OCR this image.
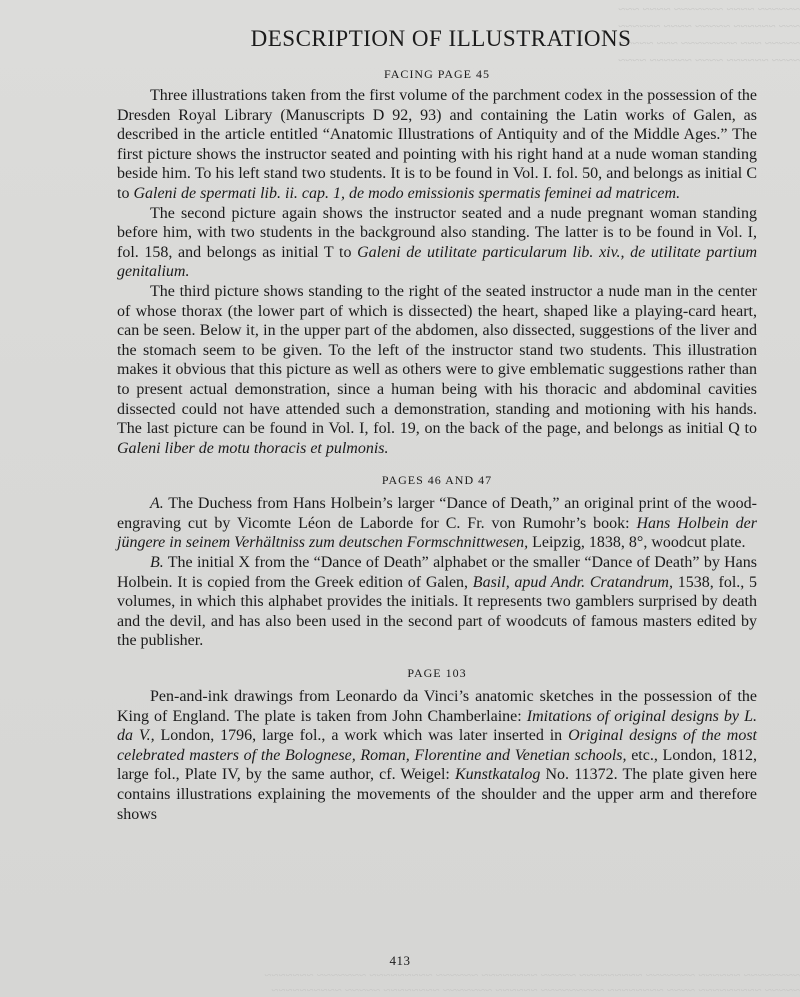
~~~~~~ ~~~~ ~~~~~~~ ~~~~ ~~~
~~~ ~~~~~~ ~~~~~ ~~~~ ~~~~~~
~~~~~ ~~~ ~~~~~~~~ ~~~ ~~~~~
~~~~ ~~~~~~ ~~~~ ~~~~~~ ~~~~
DESCRIPTION OF ILLUSTRATIONS
FACING PAGE 45

Three illustrations taken from the first volume of the parchment codex in the possession of the Dresden Royal Library (Manuscripts D 92, 93) and containing the Latin works of Galen, as described in the article entitled “Anatomic Illustrations of Antiquity and of the Middle Ages.” The first picture shows the instructor seated and pointing with his right hand at a nude woman standing beside him. To his left stand two students. It is to be found in Vol. I. fol. 50, and belongs as initial C to Galeni de spermati lib. ii. cap. 1, de modo emissionis spermatis feminei ad matricem.

The second picture again shows the instructor seated and a nude pregnant woman standing before him, with two students in the background also standing. The latter is to be found in Vol. I, fol. 158, and belongs as initial T to Galeni de utilitate particularum lib. xiv., de utilitate partium genitalium.

The third picture shows standing to the right of the seated instructor a nude man in the center of whose thorax (the lower part of which is dissected) the heart, shaped like a playing-card heart, can be seen. Below it, in the upper part of the abdomen, also dissected, suggestions of the liver and the stomach seem to be given. To the left of the instructor stand two students. This illustration makes it obvious that this picture as well as others were to give emblematic suggestions rather than to present actual demonstration, since a human being with his thoracic and abdominal cavities dissected could not have attended such a demonstration, standing and motioning with his hands. The last picture can be found in Vol. I, fol. 19, on the back of the page, and belongs as initial Q to Galeni liber de motu thoracis et pulmonis.

PAGES 46 AND 47

A. The Duchess from Hans Holbein’s larger “Dance of Death,” an original print of the wood-engraving cut by Vicomte Léon de Laborde for C. Fr. von Rumohr’s book: Hans Holbein der jüngere in seinem Verhältniss zum deutschen Formschnittwesen, Leipzig, 1838, 8°, woodcut plate.

B. The initial X from the “Dance of Death” alphabet or the smaller “Dance of Death” by Hans Holbein. It is copied from the Greek edition of Galen, Basil, apud Andr. Cratandrum, 1538, fol., 5 volumes, in which this alphabet provides the initials. It represents two gamblers surprised by death and the devil, and has also been used in the second part of woodcuts of famous masters edited by the publisher.

PAGE 103

Pen-and-ink drawings from Leonardo da Vinci’s anatomic sketches in the possession of the King of England. The plate is taken from John Chamberlaine: Imitations of original designs by L. da V., London, 1796, large fol., a work which was later inserted in Original designs of the most celebrated masters of the Bolognese, Roman, Florentine and Venetian schools, etc., London, 1812, large fol., Plate IV, by the same author, cf. Weigel: Kunstkatalog No. 11372. The plate given here contains illustrations explaining the movements of the shoulder and the upper arm and therefore shows

413
~~~~~~~~ ~~~~~~ ~~~~~~~ ~~~~~~~~~ ~~~~~ ~~~~~~~~ ~~~~~~ ~~~~~~~~~ ~~~~~~~ ~~~~~~~
~~~~~ ~~~~~~~~~ ~~~~ ~~~~~~~~ ~~~~~~~~~ ~~~~~~ ~~~~~~~ ~~~~~~~~ ~~~~~ ~~~~~~~~~~
